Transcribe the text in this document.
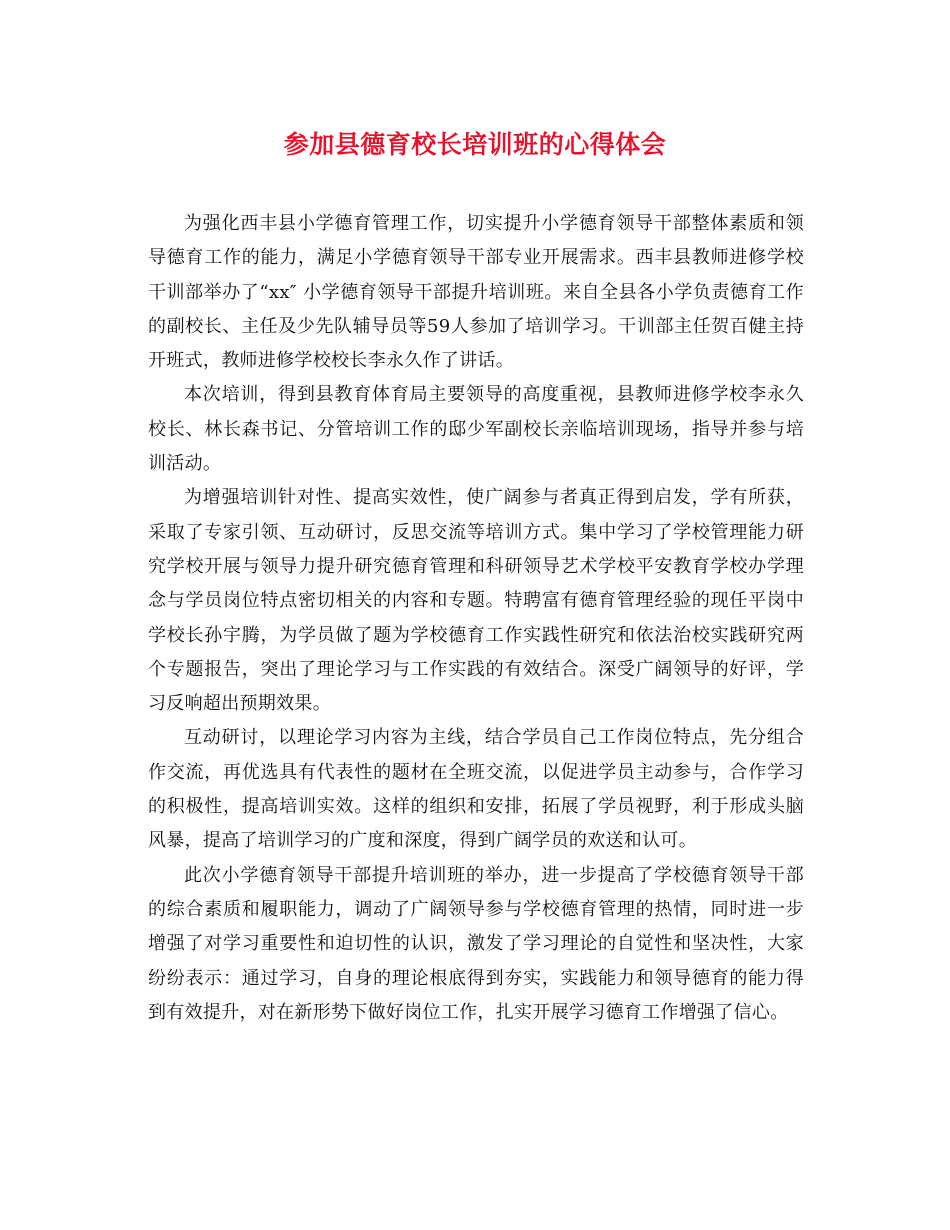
参加县德育校长培训班的心得体会

为强化西丰县小学德育管理工作，切实提升小学德育领导干部整体素质和领导德育工作的能力，满足小学德育领导干部专业开展需求。西丰县教师进修学校干训部举办了“xx″ 小学德育领导干部提升培训班。来自全县各小学负责德育工作的副校长、主任及少先队辅导员等59人参加了培训学习。干训部主任贺百健主持开班式，教师进修学校校长李永久作了讲话。

本次培训，得到县教育体育局主要领导的高度重视，县教师进修学校李永久校长、林长森书记、分管培训工作的邸少军副校长亲临培训现场，指导并参与培训活动。

为增强培训针对性、提高实效性，使广阔参与者真正得到启发，学有所获，采取了专家引领、互动研讨，反思交流等培训方式。集中学习了学校管理能力研究学校开展与领导力提升研究德育管理和科研领导艺术学校平安教育学校办学理念与学员岗位特点密切相关的内容和专题。特聘富有德育管理经验的现任平岗中学校长孙宇腾，为学员做了题为学校德育工作实践性研究和依法治校实践研究两个专题报告，突出了理论学习与工作实践的有效结合。深受广阔领导的好评，学习反响超出预期效果。

互动研讨，以理论学习内容为主线，结合学员自己工作岗位特点，先分组合作交流，再优选具有代表性的题材在全班交流，以促进学员主动参与，合作学习的积极性，提高培训实效。这样的组织和安排，拓展了学员视野，利于形成头脑风暴，提高了培训学习的广度和深度，得到广阔学员的欢送和认可。

此次小学德育领导干部提升培训班的举办，进一步提高了学校德育领导干部的综合素质和履职能力，调动了广阔领导参与学校德育管理的热情，同时进一步增强了对学习重要性和迫切性的认识，激发了学习理论的自觉性和坚决性，大家纷纷表示：通过学习，自身的理论根底得到夯实，实践能力和领导德育的能力得到有效提升，对在新形势下做好岗位工作，扎实开展学习德育工作增强了信心。
